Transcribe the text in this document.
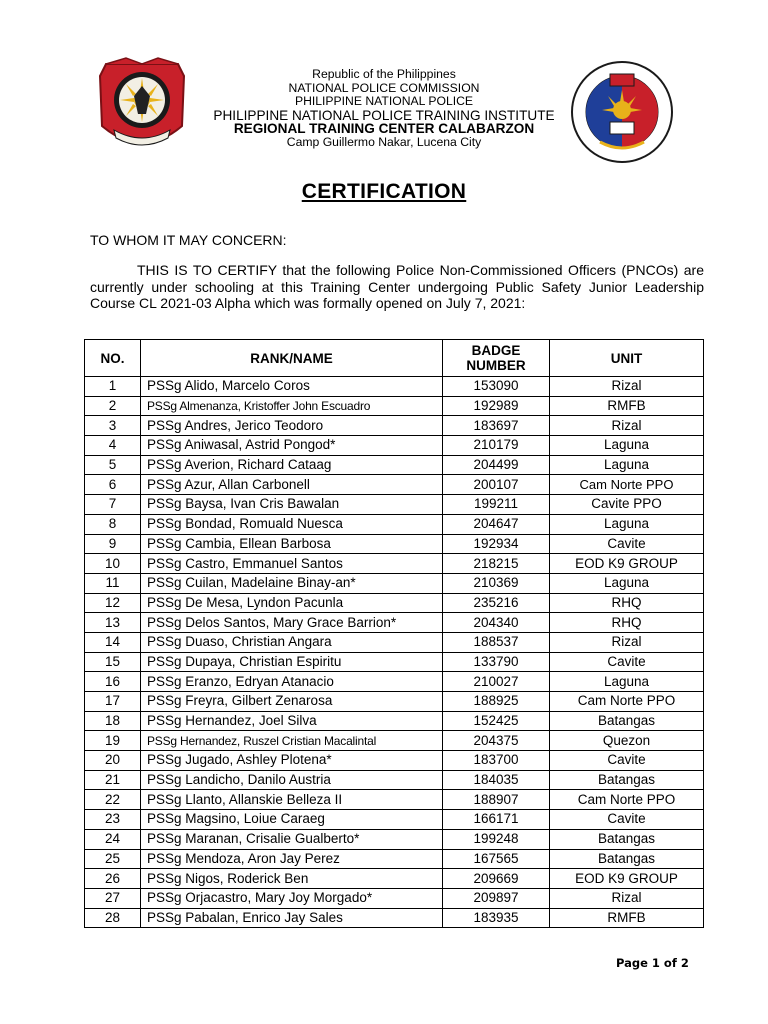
Republic of the Philippines
NATIONAL POLICE COMMISSION
PHILIPPINE NATIONAL POLICE
PHILIPPINE NATIONAL POLICE TRAINING INSTITUTE
REGIONAL TRAINING CENTER CALABARZON
Camp Guillermo Nakar, Lucena City
CERTIFICATION
TO WHOM IT MAY CONCERN:
THIS IS TO CERTIFY that the following Police Non-Commissioned Officers (PNCOs) are currently under schooling at this Training Center undergoing Public Safety Junior Leadership Course CL 2021-03 Alpha which was formally opened on July 7, 2021:
NO.	RANK/NAME	BADGE NUMBER	UNIT
1	PSSg Alido, Marcelo Coros	153090	Rizal
2	PSSg Almenanza, Kristoffer John Escuadro	192989	RMFB
3	PSSg Andres, Jerico Teodoro	183697	Rizal
4	PSSg Aniwasal, Astrid Pongod*	210179	Laguna
5	PSSg Averion, Richard Cataag	204499	Laguna
6	PSSg Azur, Allan Carbonell	200107	Cam Norte PPO
7	PSSg Baysa, Ivan Cris Bawalan	199211	Cavite PPO
8	PSSg Bondad, Romuald Nuesca	204647	Laguna
9	PSSg Cambia, Ellean Barbosa	192934	Cavite
10	PSSg Castro, Emmanuel Santos	218215	EOD K9 GROUP
11	PSSg Cuilan, Madelaine Binay-an*	210369	Laguna
12	PSSg De Mesa, Lyndon Pacunla	235216	RHQ
13	PSSg Delos Santos, Mary Grace Barrion*	204340	RHQ
14	PSSg Duaso, Christian Angara	188537	Rizal
15	PSSg Dupaya, Christian Espiritu	133790	Cavite
16	PSSg Eranzo, Edryan Atanacio	210027	Laguna
17	PSSg Freyra, Gilbert Zenarosa	188925	Cam Norte PPO
18	PSSg Hernandez, Joel Silva	152425	Batangas
19	PSSg Hernandez, Ruszel Cristian Macalintal	204375	Quezon
20	PSSg Jugado, Ashley Plotena*	183700	Cavite
21	PSSg Landicho, Danilo Austria	184035	Batangas
22	PSSg Llanto, Allanskie Belleza II	188907	Cam Norte PPO
23	PSSg Magsino, Loiue Caraeg	166171	Cavite
24	PSSg Maranan, Crisalie Gualberto*	199248	Batangas
25	PSSg Mendoza, Aron Jay Perez	167565	Batangas
26	PSSg Nigos, Roderick Ben	209669	EOD K9 GROUP
27	PSSg Orjacastro, Mary Joy Morgado*	209897	Rizal
28	PSSg Pabalan, Enrico Jay Sales	183935	RMFB
Page 1 of 2
